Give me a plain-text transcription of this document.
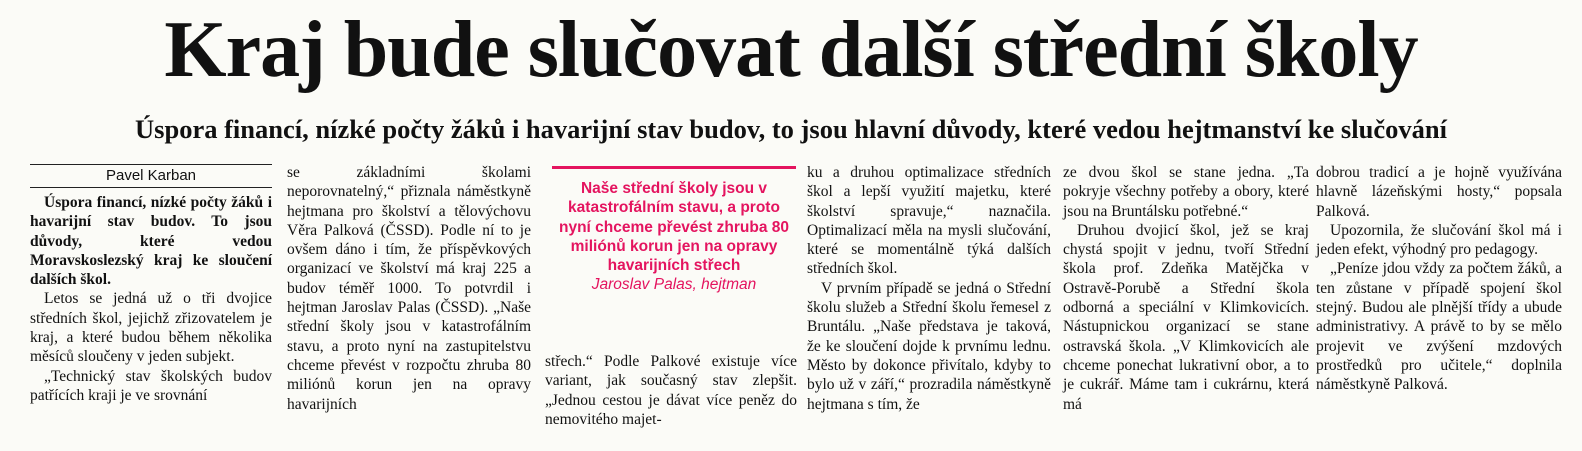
Kraj bude slučovat další střední školy
Úspora financí, nízké počty žáků i havarijní stav budov, to jsou hlavní důvody, které vedou hejtmanství ke slučování
Pavel Karban

Úspora financí, nízké počty žáků i havarijní stav budov. To jsou důvody, které vedou Moravskoslezský kraj ke sloučení dalších škol.

Letos se jedná už o tři dvojice středních škol, jejichž zřizovatelem je kraj, a které budou během několika měsíců sloučeny v jeden subjekt.

„Technický stav školských budov patřících kraji je ve srovnání

se základními školami neporovnatelný,“ přiznala náměstkyně hejtmana pro školství a tělovýchovu Věra Palková (ČSSD). Podle ní to je ovšem dáno i tím, že příspěvkových organizací ve školství má kraj 225 a budov téměř 1000. To potvrdil i hejtman Jaroslav Palas (ČSSD). „Naše střední školy jsou v katastrofálním stavu, a proto nyní na zastupitelstvu chceme převést v rozpočtu zhruba 80 miliónů korun jen na opravy havarijních

Naše střední školy jsou v katastrofálním stavu, a proto nyní chceme převést zhruba 80 miliónů korun jen na opravy havarijních střech
Jaroslav Palas, hejtman

střech.“ Podle Palkové existuje více variant, jak současný stav zlepšit. „Jednou cestou je dávat více peněz do nemovitého majet-

ku a druhou optimalizace středních škol a lepší využití majetku, které školství spravuje,“ naznačila. Optimalizací měla na mysli slučování, které se momentálně týká dalších středních škol.

V prvním případě se jedná o Střední školu služeb a Střední školu řemesel z Bruntálu. „Naše představa je taková, že ke sloučení dojde k prvnímu lednu. Město by dokonce přivítalo, kdyby to bylo už v září,“ prozradila náměstkyně hejtmana s tím, že

ze dvou škol se stane jedna. „Ta pokryje všechny potřeby a obory, které jsou na Bruntálsku potřebné.“

Druhou dvojicí škol, jež se kraj chystá spojit v jednu, tvoří Střední škola prof. Zdeňka Matějčka v Ostravě-Porubě a Střední škola odborná a speciální v Klimkovicích. Nástupnickou organizací se stane ostravská škola. „V Klimkovicích ale chceme ponechat lukrativní obor, a to je cukrář. Máme tam i cukrárnu, která má

dobrou tradicí a je hojně využívána hlavně lázeňskými hosty,“ popsala Palková.

Upozornila, že slučování škol má i jeden efekt, výhodný pro pedagogy.

„Peníze jdou vždy za počtem žáků, a ten zůstane v případě spojení škol stejný. Budou ale plnější třídy a ubude administrativy. A právě to by se mělo projevit ve zvýšení mzdových prostředků pro učitele,“ doplnila náměstkyně Palková.
